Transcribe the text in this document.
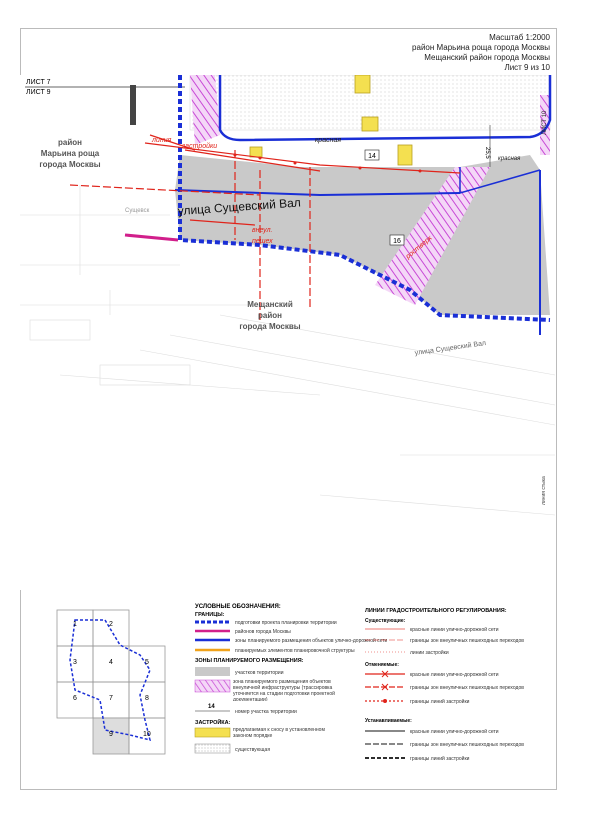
Масштаб 1:2000
район Марьина роща города Москвы
Мещанский район города Москвы
Лист 9 из 10
ЛИСТ 7
ЛИСТ 9
25,5
район
Марьина роща
города Москвы
Мещанский
район
города Москвы
улица Сущевский Вал
Сущевск
улица Сущевский Вал
линия стыка
ЛИСТ 10
линия
застройки
красная
красная
внеул.
пешех	ростверк
14
16
1	2
3	4	5
6	7	8
9	10
УСЛОВНЫЕ ОБОЗНАЧЕНИЯ:
ГРАНИЦЫ:
подготовки проекта планировки территории
районов города Москвы
зоны планируемого размещения объектов улично-дорожной сети
планируемых элементов планировочной структуры
ЗОНЫ ПЛАНИРУЕМОГО РАЗМЕЩЕНИЯ:
участков территории
зона планируемого размещения объектов внеуличной инфраструктуры (трассировка уточняется на стадии подготовки проектной документации)
14
номер участка территории
ЗАСТРОЙКА:
предлагаемая к сносу в установленном законом порядке
существующая
ЛИНИИ ГРАДОСТРОИТЕЛЬНОГО РЕГУЛИРОВАНИЯ:
Существующие:
красные линии улично-дорожной сети
границы зон внеуличных пешеходных переходов
линии застройки
Отменяемые:
красные линии улично-дорожной сети
границы зон внеуличных пешеходных переходов
границы линий застройки
Устанавливаемые:
красные линии улично-дорожной сети
границы зон внеуличных пешеходных переходов
границы линий застройки
